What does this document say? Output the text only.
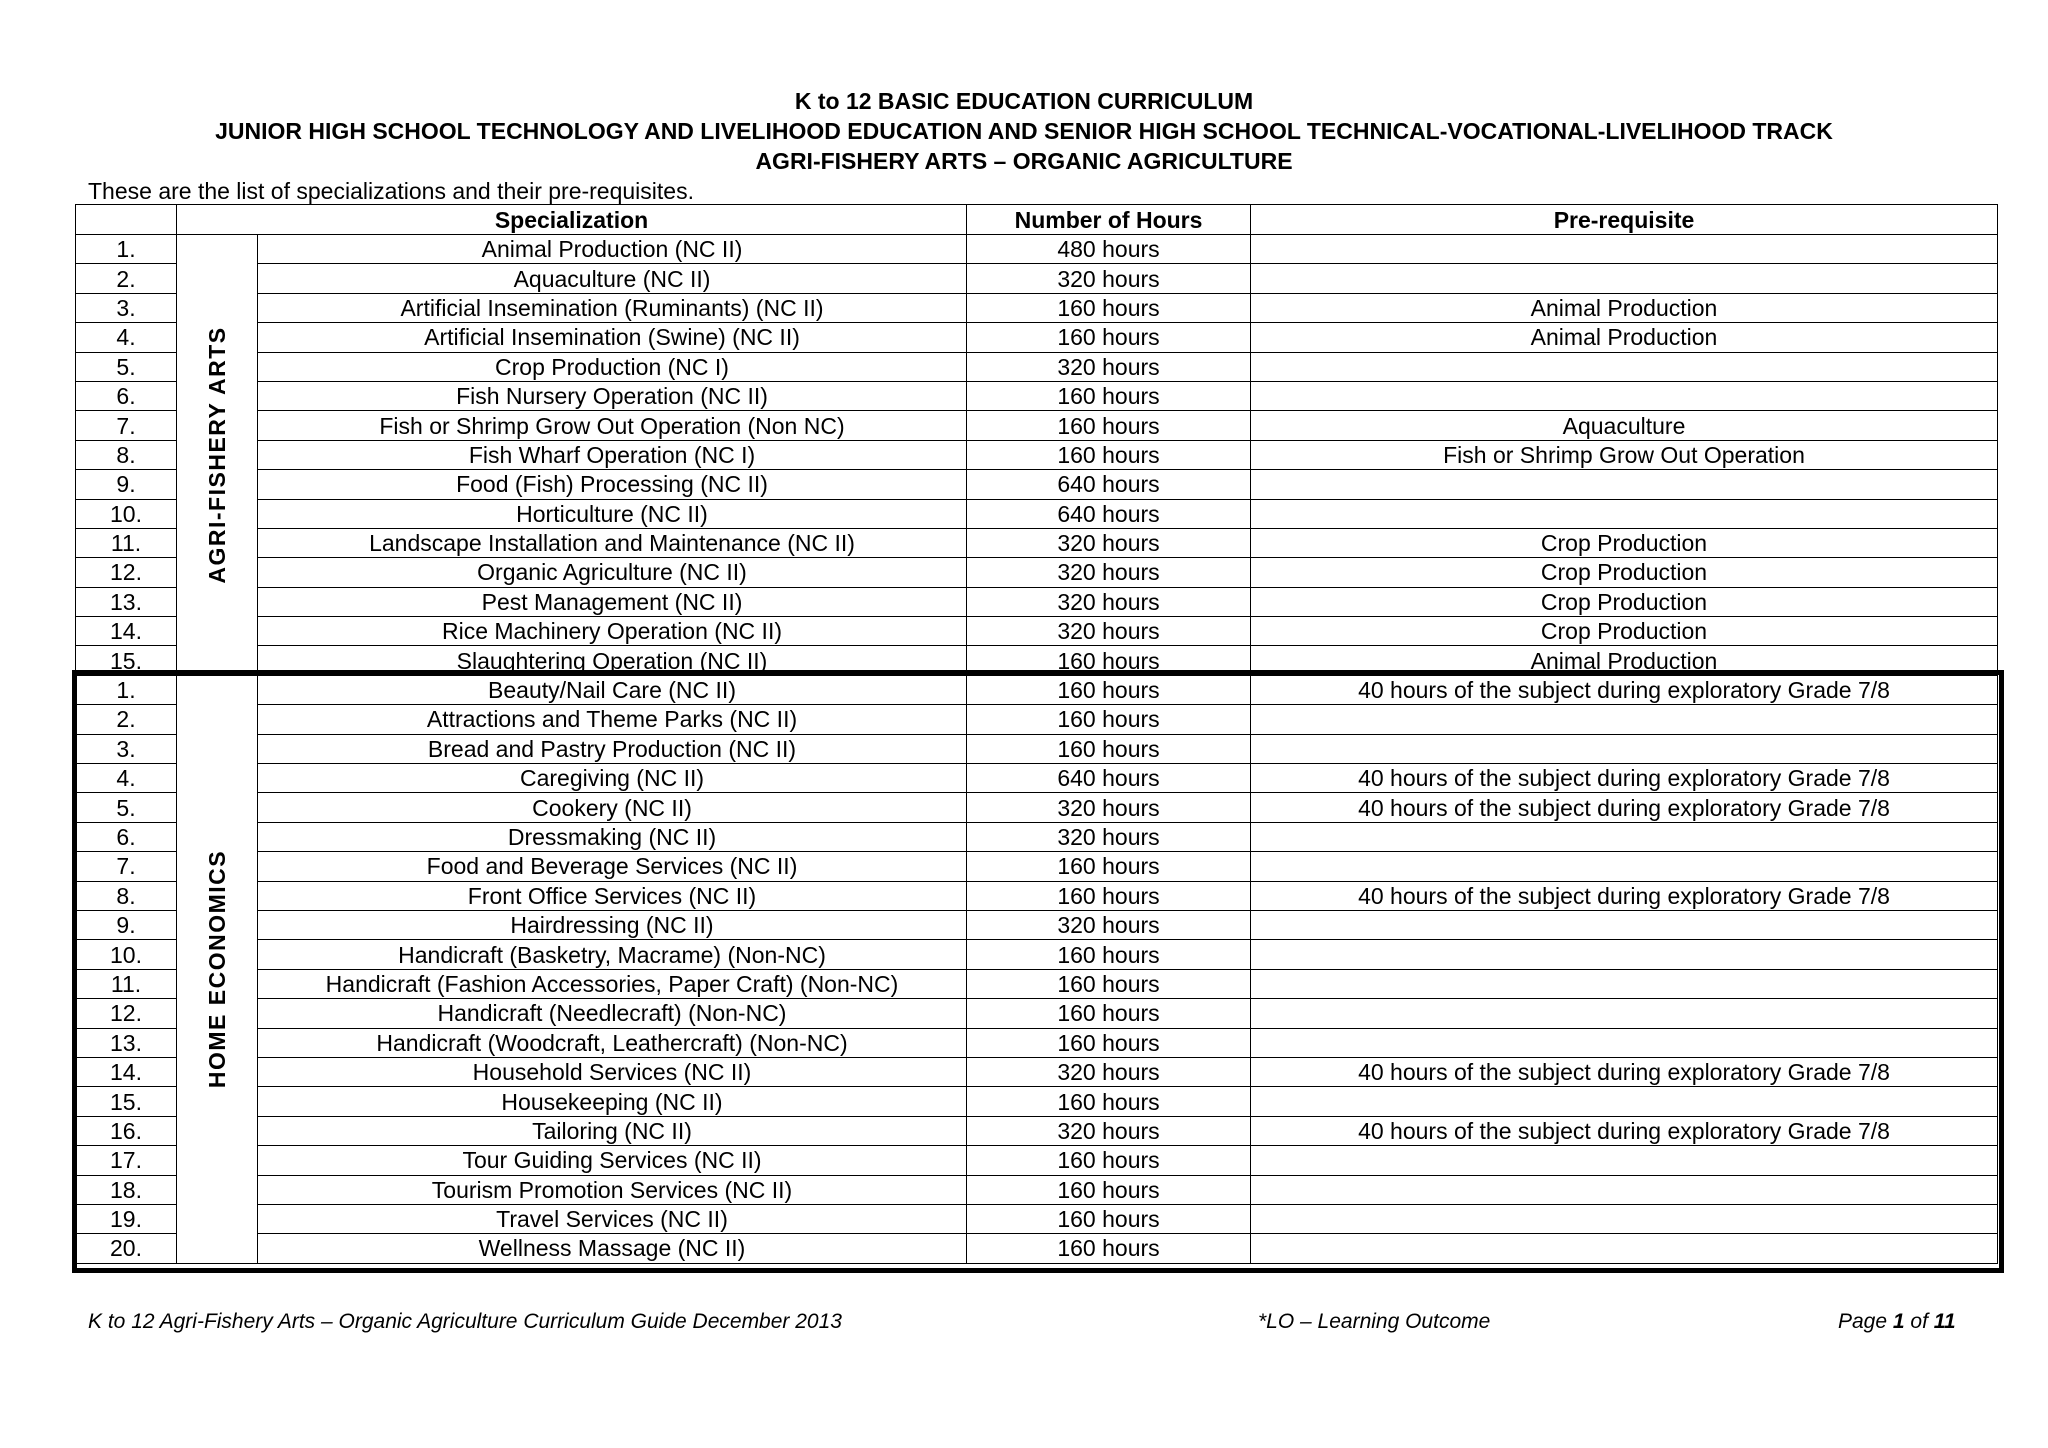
K to 12 BASIC EDUCATION CURRICULUM
JUNIOR HIGH SCHOOL TECHNOLOGY AND LIVELIHOOD EDUCATION AND SENIOR HIGH SCHOOL TECHNICAL-VOCATIONAL-LIVELIHOOD TRACK
AGRI-FISHERY ARTS – ORGANIC AGRICULTURE
These are the list of specializations and their pre-requisites.
	Specialization		Number of Hours	Pre-requisite
1.	AGRI-FISHERY ARTS	Animal Production (NC II)	480 hours	
2.		Aquaculture (NC II)	320 hours	
3.		Artificial Insemination (Ruminants) (NC II)	160 hours	Animal Production
4.		Artificial Insemination (Swine) (NC II)	160 hours	Animal Production
5.		Crop Production (NC I)	320 hours	
6.		Fish Nursery Operation (NC II)	160 hours	
7.		Fish or Shrimp Grow Out Operation (Non NC)	160 hours	Aquaculture
8.		Fish Wharf Operation (NC I)	160 hours	Fish or Shrimp Grow Out Operation
9.		Food (Fish) Processing (NC II)	640 hours	
10.		Horticulture (NC II)	640 hours	
11.		Landscape Installation and Maintenance (NC II)	320 hours	Crop Production
12.		Organic Agriculture (NC II)	320 hours	Crop Production
13.		Pest Management (NC II)	320 hours	Crop Production
14.		Rice Machinery Operation (NC II)	320 hours	Crop Production
15.		Slaughtering Operation (NC II)	160 hours	Animal Production
1.	HOME ECONOMICS	Beauty/Nail Care (NC II)	160 hours	40 hours of the subject during exploratory Grade 7/8
2.		Attractions and Theme Parks (NC II)	160 hours	
3.		Bread and Pastry Production (NC II)	160 hours	
4.		Caregiving (NC II)	640 hours	40 hours of the subject during exploratory Grade 7/8
5.		Cookery (NC II)	320 hours	40 hours of the subject during exploratory Grade 7/8
6.		Dressmaking (NC II)	320 hours	
7.		Food and Beverage Services (NC II)	160 hours	
8.		Front Office Services (NC II)	160 hours	40 hours of the subject during exploratory Grade 7/8
9.		Hairdressing (NC II)	320 hours	
10.		Handicraft (Basketry, Macrame) (Non-NC)	160 hours	
11.		Handicraft (Fashion Accessories, Paper Craft) (Non-NC)	160 hours	
12.		Handicraft (Needlecraft) (Non-NC)	160 hours	
13.		Handicraft (Woodcraft, Leathercraft) (Non-NC)	160 hours	
14.		Household Services (NC II)	320 hours	40 hours of the subject during exploratory Grade 7/8
15.		Housekeeping (NC II)	160 hours	
16.		Tailoring (NC II)	320 hours	40 hours of the subject during exploratory Grade 7/8
17.		Tour Guiding Services (NC II)	160 hours	
18.		Tourism Promotion Services (NC II)	160 hours	
19.		Travel Services (NC II)	160 hours	
20.		Wellness Massage (NC II)	160 hours	
K to 12 Agri-Fishery Arts – Organic Agriculture Curriculum Guide December 2013	*LO – Learning Outcome	Page 1 of 11
